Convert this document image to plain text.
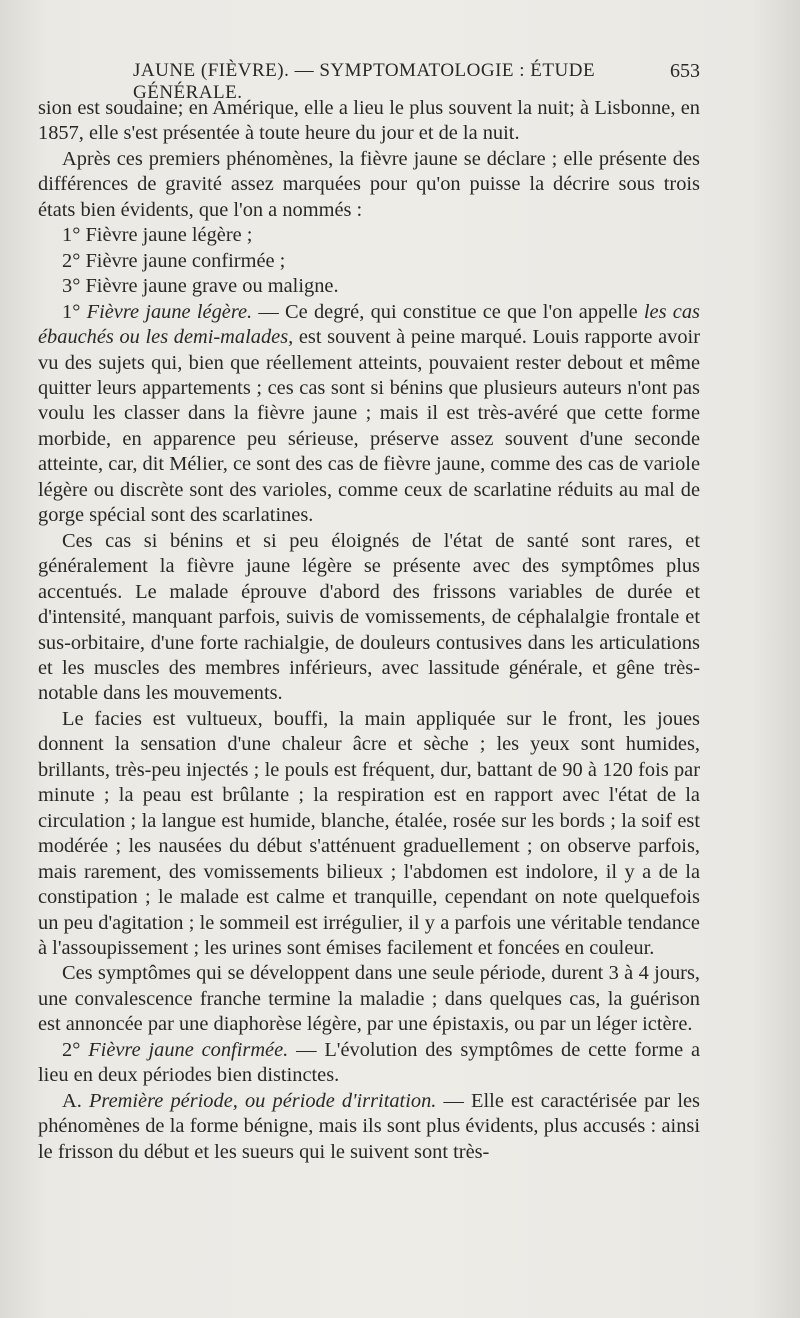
JAUNE (FIÈVRE). — SYMPTOMATOLOGIE : ÉTUDE GÉNÉRALE.
653

sion est soudaine; en Amérique, elle a lieu le plus souvent la nuit; à Lisbonne, en 1857, elle s'est présentée à toute heure du jour et de la nuit.

Après ces premiers phénomènes, la fièvre jaune se déclare ; elle présente des différences de gravité assez marquées pour qu'on puisse la décrire sous trois états bien évidents, que l'on a nommés :

1° Fièvre jaune légère ;

2° Fièvre jaune confirmée ;

3° Fièvre jaune grave ou maligne.

1° Fièvre jaune légère. — Ce degré, qui constitue ce que l'on appelle les cas ébauchés ou les demi-malades, est souvent à peine marqué. Louis rapporte avoir vu des sujets qui, bien que réellement atteints, pouvaient rester debout et même quitter leurs appartements ; ces cas sont si bénins que plusieurs auteurs n'ont pas voulu les classer dans la fièvre jaune ; mais il est très-avéré que cette forme morbide, en apparence peu sérieuse, préserve assez souvent d'une seconde atteinte, car, dit Mélier, ce sont des cas de fièvre jaune, comme des cas de variole légère ou discrète sont des varioles, comme ceux de scarlatine réduits au mal de gorge spécial sont des scarlatines.

Ces cas si bénins et si peu éloignés de l'état de santé sont rares, et généralement la fièvre jaune légère se présente avec des symptômes plus accentués. Le malade éprouve d'abord des frissons variables de durée et d'intensité, manquant parfois, suivis de vomissements, de céphalalgie frontale et sus-orbitaire, d'une forte rachialgie, de douleurs contusives dans les articulations et les muscles des membres inférieurs, avec lassitude générale, et gêne très-notable dans les mouvements.

Le facies est vultueux, bouffi, la main appliquée sur le front, les joues donnent la sensation d'une chaleur âcre et sèche ; les yeux sont humides, brillants, très-peu injectés ; le pouls est fréquent, dur, battant de 90 à 120 fois par minute ; la peau est brûlante ; la respiration est en rapport avec l'état de la circulation ; la langue est humide, blanche, étalée, rosée sur les bords ; la soif est modérée ; les nausées du début s'atténuent graduellement ; on observe parfois, mais rarement, des vomissements bilieux ; l'abdomen est indolore, il y a de la constipation ; le malade est calme et tranquille, cependant on note quelquefois un peu d'agitation ; le sommeil est irrégulier, il y a parfois une véritable tendance à l'assoupissement ; les urines sont émises facilement et foncées en couleur.

Ces symptômes qui se développent dans une seule période, durent 3 à 4 jours, une convalescence franche termine la maladie ; dans quelques cas, la guérison est annoncée par une diaphorèse légère, par une épistaxis, ou par un léger ictère.

2° Fièvre jaune confirmée. — L'évolution des symptômes de cette forme a lieu en deux périodes bien distinctes.

A. Première période, ou période d'irritation. — Elle est caractérisée par les phénomènes de la forme bénigne, mais ils sont plus évidents, plus accusés : ainsi le frisson du début et les sueurs qui le suivent sont très-
